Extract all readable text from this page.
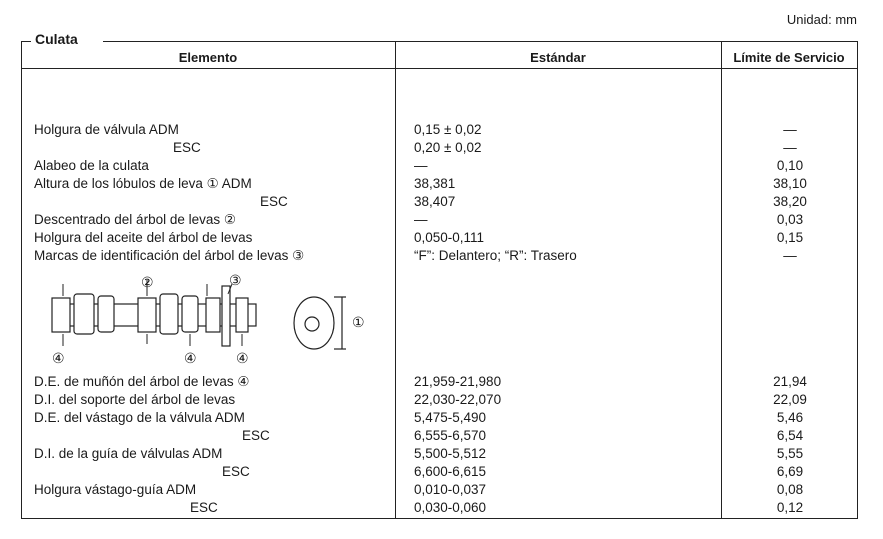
Unidad: mm
Culata
Elemento	Estándar	Límite de Servicio
Holgura de válvula ADM	0,15 ± 0,02	—
ESC	0,20 ± 0,02	—
Alabeo de la culata	—	0,10
Altura de los lóbulos de leva ① ADM	38,381	38,10
ESC	38,407	38,20
Descentrado del árbol de levas ②	—	0,03
Holgura del aceite del árbol de levas	0,050-0,111	0,15
Marcas de identificación del árbol de levas ③	“F”: Delantero; “R”: Trasero	—
D.E. de muñón del árbol de levas ④	21,959-21,980	21,94
D.I. del soporte del árbol de levas	22,030-22,070	22,09
D.E. del vástago de la válvula ADM	5,475-5,490	5,46
ESC	6,555-6,570	6,54
D.I. de la guía de válvulas ADM	5,500-5,512	5,55
ESC	6,600-6,615	6,69
Holgura vástago-guía ADM	0,010-0,037	0,08
ESC	0,030-0,060	0,12
②	③
④	④	④
①
